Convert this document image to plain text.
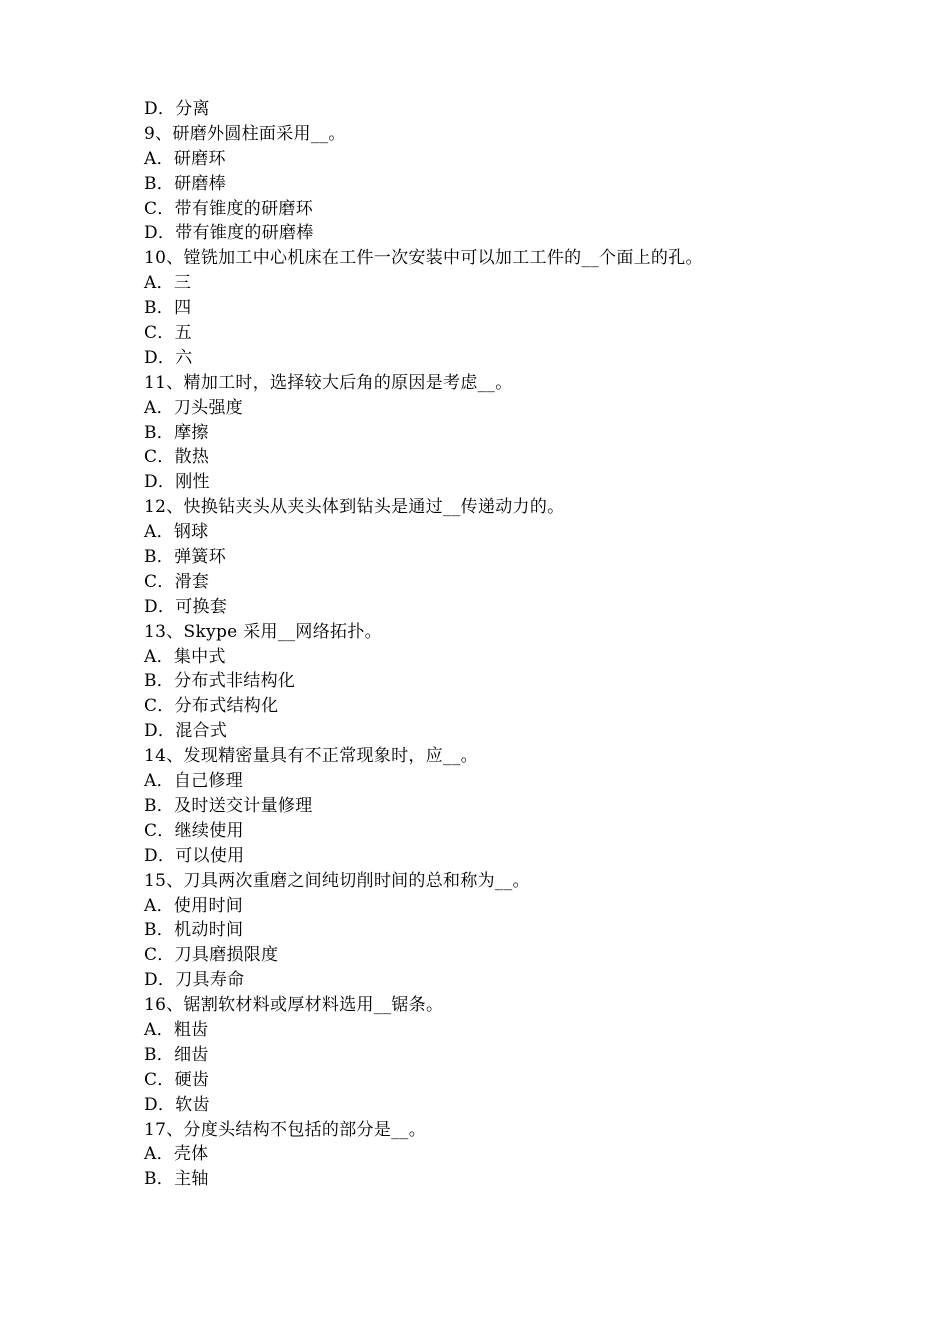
D．分离
9、研磨外圆柱面采用__。
A．研磨环
B．研磨棒
C．带有锥度的研磨环
D．带有锥度的研磨棒
10、镗铣加工中心机床在工件一次安装中可以加工工件的__个面上的孔。
A．三
B．四
C．五
D．六
11、精加工时，选择较大后角的原因是考虑__。
A．刀头强度
B．摩擦
C．散热
D．刚性
12、快换钻夹头从夹头体到钻头是通过__传递动力的。
A．钢球
B．弹簧环
C．滑套
D．可换套
13、Skype 采用__网络拓扑。
A．集中式
B．分布式非结构化
C．分布式结构化
D．混合式
14、发现精密量具有不正常现象时，应__。
A．自己修理
B．及时送交计量修理
C．继续使用
D．可以使用
15、刀具两次重磨之间纯切削时间的总和称为__。
A．使用时间
B．机动时间
C．刀具磨损限度
D．刀具寿命
16、锯割软材料或厚材料选用__锯条。
A．粗齿
B．细齿
C．硬齿
D．软齿
17、分度头结构不包括的部分是__。
A．壳体
B．主轴
